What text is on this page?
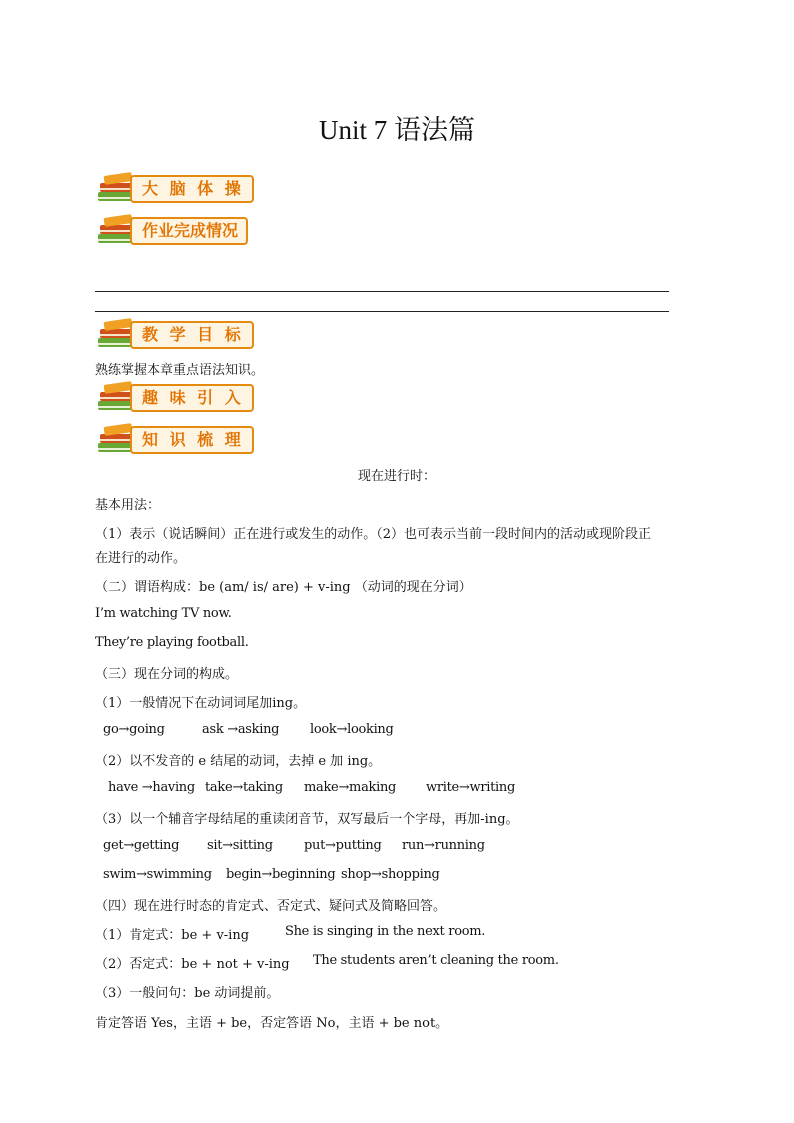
Unit 7 语法篇
大 脑 体 操
作业完成情况
教 学 目 标
熟练掌握本章重点语法知识。
趣 味 引 入
知 识 梳 理
现在进行时：
基本用法：
（1）表示（说话瞬间）正在进行或发生的动作。（2）也可表示当前一段时间内的活动或现阶段正
在进行的动作。
（二）谓语构成：be (am/ is/ are) + v-ing （动词的现在分词）
I’m watching TV now.
They’re playing football.
（三）现在分词的构成。
（1）一般情况下在动词词尾加ing。
go→going	ask →asking look→looking
（2）以不发音的 e 结尾的动词，去掉 e 加 ing。
have →having take→taking make→making write→writing
（3）以一个辅音字母结尾的重读闭音节，双写最后一个字母，再加-ing。
get→getting sit→sitting put→putting run→running
swim→swimming begin→beginning shop→shopping
（四）现在进行时态的肯定式、否定式、疑问式及简略回答。
（1）肯定式：be + v-ing	She is singing in the next room.
（2）否定式：be + not + v-ing The students aren’t cleaning the room.
（3）一般问句：be 动词提前。
肯定答语 Yes，主语 + be，否定答语 No，主语 + be not。
